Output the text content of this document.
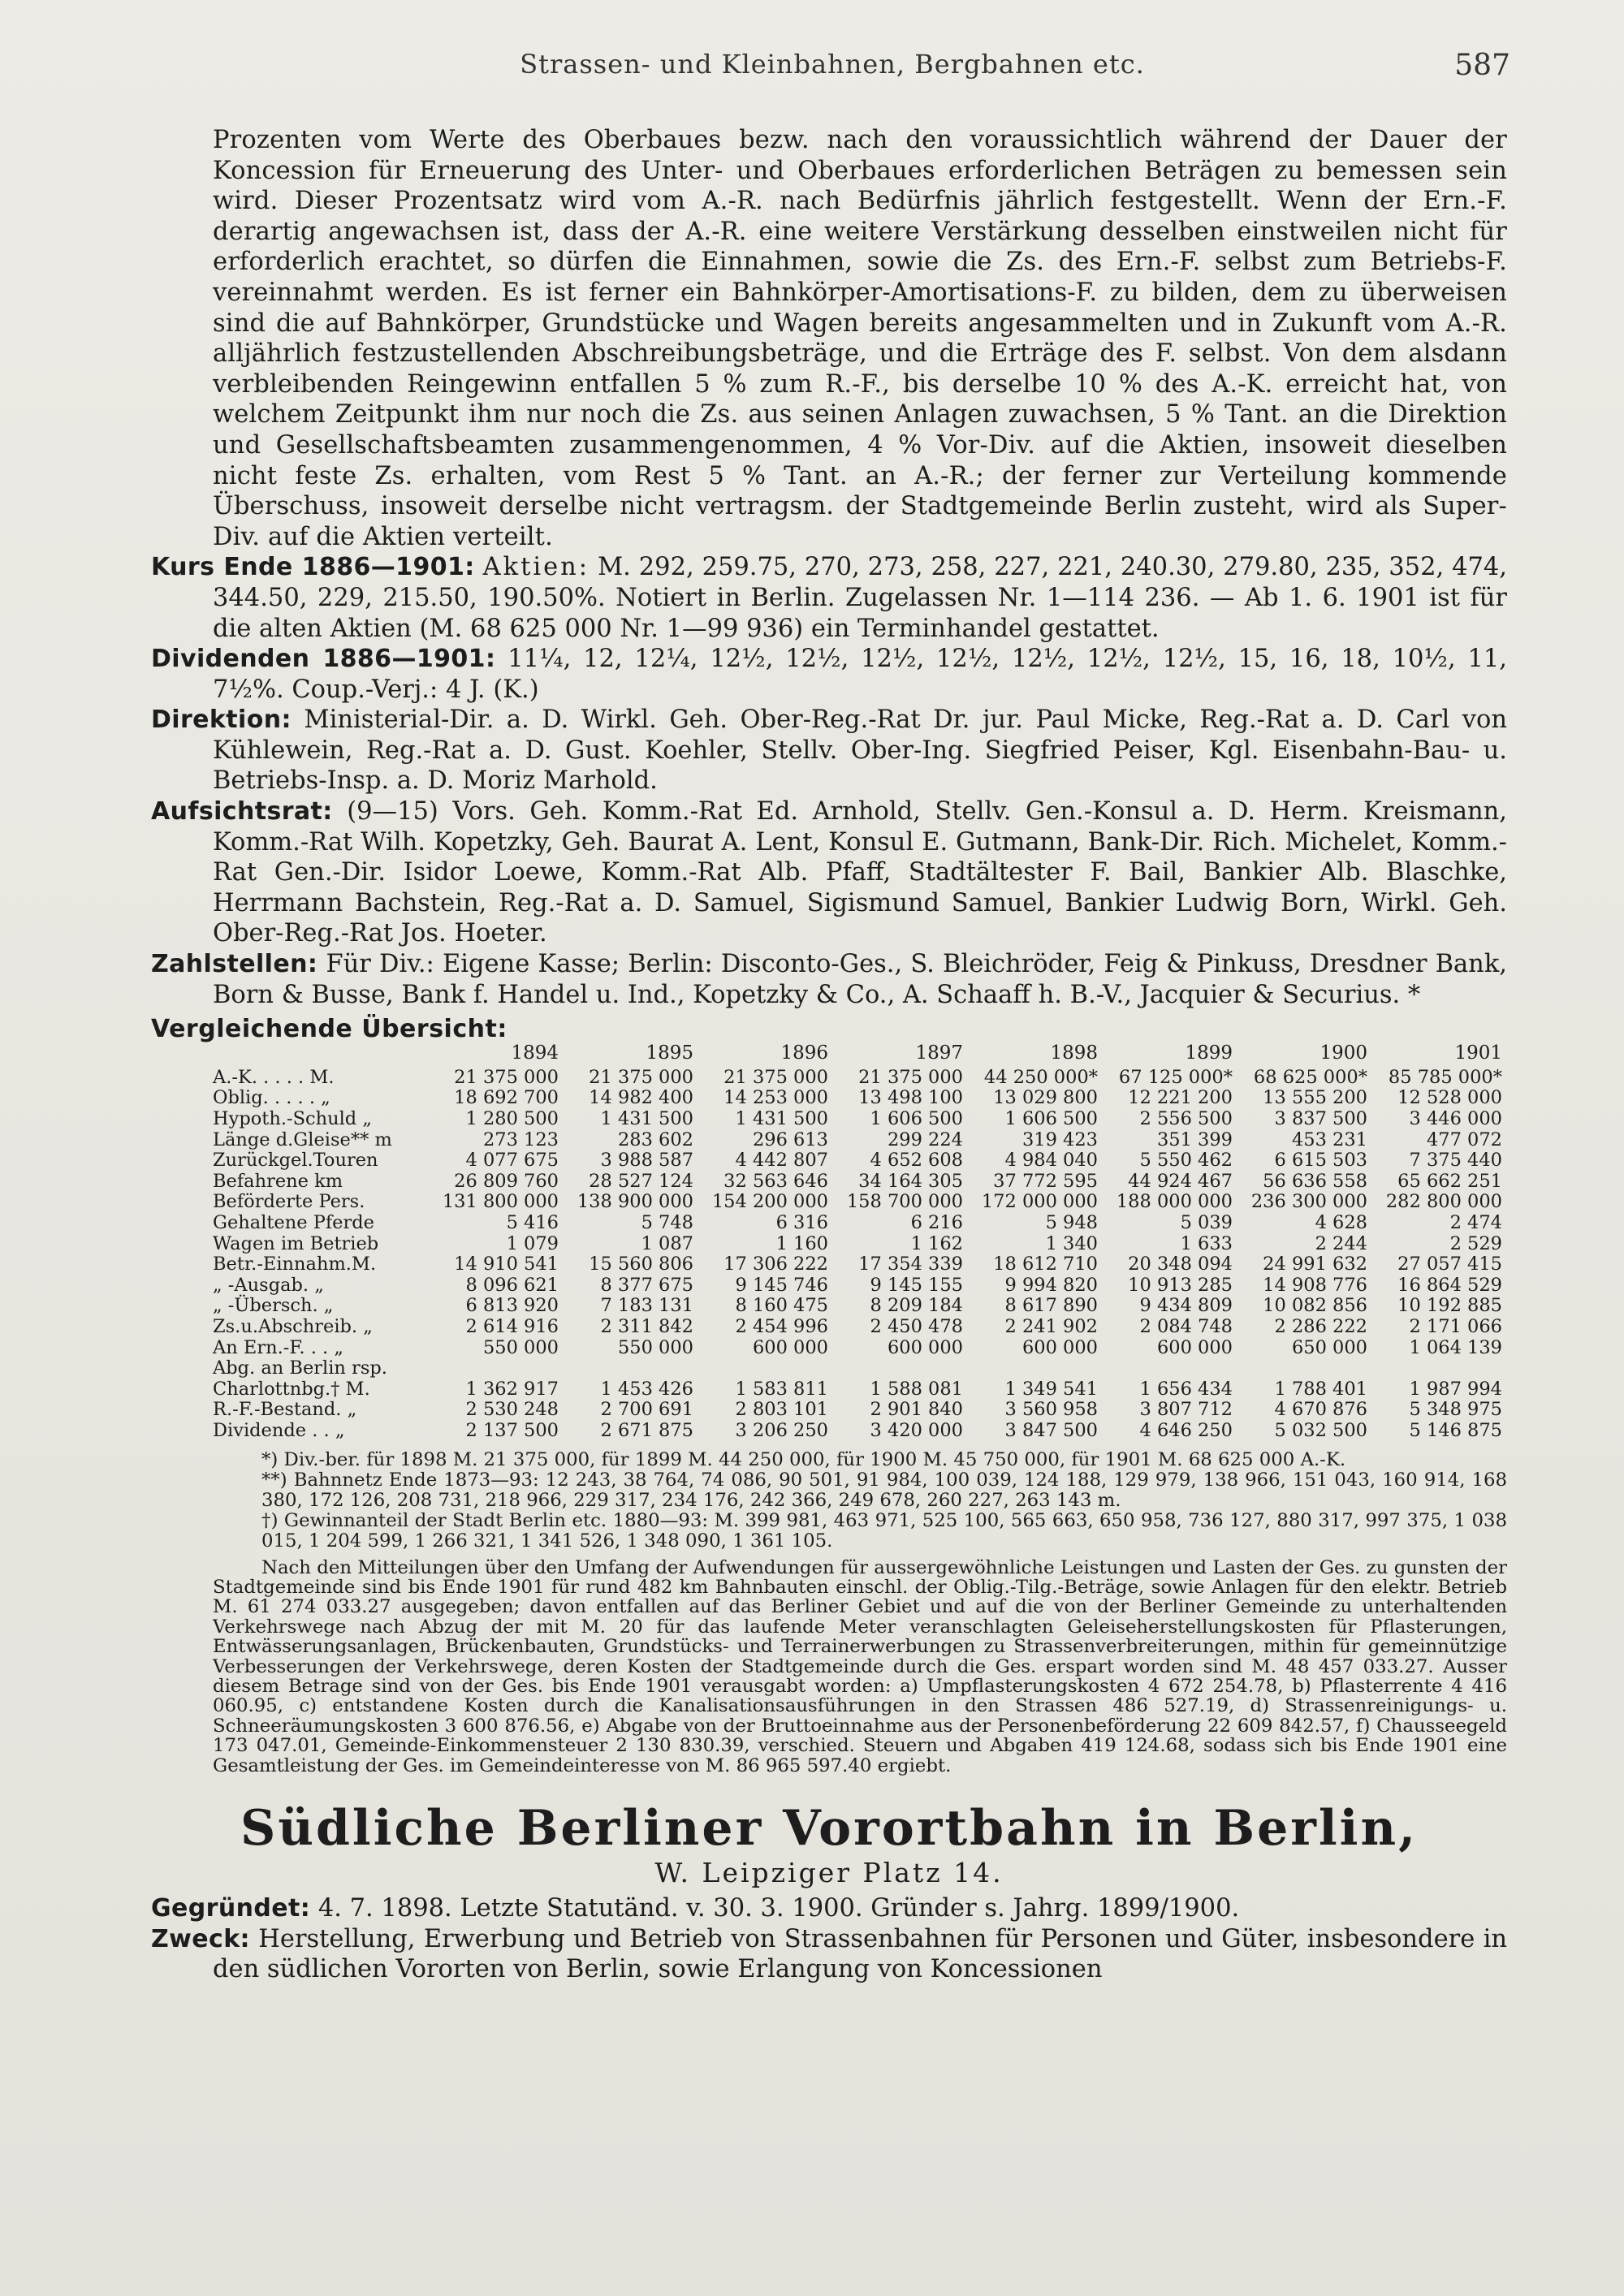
Strassen- und Kleinbahnen, Bergbahnen etc.	587

Prozenten vom Werte des Oberbaues bezw. nach den voraussichtlich während der Dauer der Koncession für Erneuerung des Unter- und Oberbaues erforderlichen Beträgen zu bemessen sein wird. Dieser Prozentsatz wird vom A.-R. nach Bedürfnis jährlich festgestellt. Wenn der Ern.-F. derartig angewachsen ist, dass der A.-R. eine weitere Verstärkung desselben einstweilen nicht für erforderlich erachtet, so dürfen die Einnahmen, sowie die Zs. des Ern.-F. selbst zum Betriebs-F. vereinnahmt werden. Es ist ferner ein Bahnkörper-Amortisations-F. zu bilden, dem zu überweisen sind die auf Bahnkörper, Grundstücke und Wagen bereits angesammelten und in Zukunft vom A.-R. alljährlich festzustellenden Abschreibungsbeträge, und die Erträge des F. selbst. Von dem alsdann verbleibenden Reingewinn entfallen 5 % zum R.-F., bis derselbe 10 % des A.-K. erreicht hat, von welchem Zeitpunkt ihm nur noch die Zs. aus seinen Anlagen zuwachsen, 5 % Tant. an die Direktion und Gesellschaftsbeamten zusammengenommen, 4 % Vor-Div. auf die Aktien, insoweit dieselben nicht feste Zs. erhalten, vom Rest 5 % Tant. an A.-R.; der ferner zur Verteilung kommende Überschuss, insoweit derselbe nicht vertragsm. der Stadtgemeinde Berlin zusteht, wird als Super-Div. auf die Aktien verteilt.

Kurs Ende 1886—1901: Aktien: M. 292, 259.75, 270, 273, 258, 227, 221, 240.30, 279.80, 235, 352, 474, 344.50, 229, 215.50, 190.50%. Notiert in Berlin. Zugelassen Nr. 1—114 236. — Ab 1. 6. 1901 ist für die alten Aktien (M. 68 625 000 Nr. 1—99 936) ein Terminhandel gestattet.

Dividenden 1886—1901: 11¼, 12, 12¼, 12½, 12½, 12½, 12½, 12½, 12½, 12½, 15, 16, 18, 10½, 11, 7½%. Coup.-Verj.: 4 J. (K.)

Direktion: Ministerial-Dir. a. D. Wirkl. Geh. Ober-Reg.-Rat Dr. jur. Paul Micke, Reg.-Rat a. D. Carl von Kühlewein, Reg.-Rat a. D. Gust. Koehler, Stellv. Ober-Ing. Siegfried Peiser, Kgl. Eisenbahn-Bau- u. Betriebs-Insp. a. D. Moriz Marhold.

Aufsichtsrat: (9—15) Vors. Geh. Komm.-Rat Ed. Arnhold, Stellv. Gen.-Konsul a. D. Herm. Kreismann, Komm.-Rat Wilh. Kopetzky, Geh. Baurat A. Lent, Konsul E. Gutmann, Bank-Dir. Rich. Michelet, Komm.-Rat Gen.-Dir. Isidor Loewe, Komm.-Rat Alb. Pfaff, Stadtältester F. Bail, Bankier Alb. Blaschke, Herrmann Bachstein, Reg.-Rat a. D. Samuel, Sigismund Samuel, Bankier Ludwig Born, Wirkl. Geh. Ober-Reg.-Rat Jos. Hoeter.

Zahlstellen: Für Div.: Eigene Kasse; Berlin: Disconto-Ges., S. Bleichröder, Feig & Pinkuss, Dresdner Bank, Born & Busse, Bank f. Handel u. Ind., Kopetzky & Co., A. Schaaff h. B.-V., Jacquier & Securius. *

Vergleichende Übersicht:
	1894	1895	1896	1897	1898	1899	1900	1901
A.-K. . . . . M.	21 375 000	21 375 000	21 375 000	21 375 000	44 250 000*	67 125 000*	68 625 000*	85 785 000*
Oblig. . . . . „	18 692 700	14 982 400	14 253 000	13 498 100	13 029 800	12 221 200	13 555 200	12 528 000
Hypoth.-Schuld „	1 280 500	1 431 500	1 431 500	1 606 500	1 606 500	2 556 500	3 837 500	3 446 000
Länge d.Gleise** m	273 123	283 602	296 613	299 224	319 423	351 399	453 231	477 072
Zurückgel.Touren	4 077 675	3 988 587	4 442 807	4 652 608	4 984 040	5 550 462	6 615 503	7 375 440
Befahrene km	26 809 760	28 527 124	32 563 646	34 164 305	37 772 595	44 924 467	56 636 558	65 662 251
Beförderte Pers.	131 800 000	138 900 000	154 200 000	158 700 000	172 000 000	188 000 000	236 300 000	282 800 000
Gehaltene Pferde	5 416	5 748	6 316	6 216	5 948	5 039	4 628	2 474
Wagen im Betrieb	1 079	1 087	1 160	1 162	1 340	1 633	2 244	2 529
Betr.-Einnahm.M.	14 910 541	15 560 806	17 306 222	17 354 339	18 612 710	20 348 094	24 991 632	27 057 415
„ -Ausgab. „	8 096 621	8 377 675	9 145 746	9 145 155	9 994 820	10 913 285	14 908 776	16 864 529
„ -Übersch. „	6 813 920	7 183 131	8 160 475	8 209 184	8 617 890	9 434 809	10 082 856	10 192 885
Zs.u.Abschreib. „	2 614 916	2 311 842	2 454 996	2 450 478	2 241 902	2 084 748	2 286 222	2 171 066
An Ern.-F. . . „	550 000	550 000	600 000	600 000	600 000	600 000	650 000	1 064 139
Abg. an Berlin rsp.								
Charlottnbg.† M.	1 362 917	1 453 426	1 583 811	1 588 081	1 349 541	1 656 434	1 788 401	1 987 994
R.-F.-Bestand. „	2 530 248	2 700 691	2 803 101	2 901 840	3 560 958	3 807 712	4 670 876	5 348 975
Dividende . . „	2 137 500	2 671 875	3 206 250	3 420 000	3 847 500	4 646 250	5 032 500	5 146 875

*) Div.-ber. für 1898 M. 21 375 000, für 1899 M. 44 250 000, für 1900 M. 45 750 000, für 1901 M. 68 625 000 A.-K.

**) Bahnnetz Ende 1873—93: 12 243, 38 764, 74 086, 90 501, 91 984, 100 039, 124 188, 129 979, 138 966, 151 043, 160 914, 168 380, 172 126, 208 731, 218 966, 229 317, 234 176, 242 366, 249 678, 260 227, 263 143 m.

†) Gewinnanteil der Stadt Berlin etc. 1880—93: M. 399 981, 463 971, 525 100, 565 663, 650 958, 736 127, 880 317, 997 375, 1 038 015, 1 204 599, 1 266 321, 1 341 526, 1 348 090, 1 361 105.

Nach den Mitteilungen über den Umfang der Aufwendungen für aussergewöhnliche Leistungen und Lasten der Ges. zu gunsten der Stadtgemeinde sind bis Ende 1901 für rund 482 km Bahnbauten einschl. der Oblig.-Tilg.-Beträge, sowie Anlagen für den elektr. Betrieb M. 61 274 033.27 ausgegeben; davon entfallen auf das Berliner Gebiet und auf die von der Berliner Gemeinde zu unterhaltenden Verkehrswege nach Abzug der mit M. 20 für das laufende Meter veranschlagten Geleiseherstellungskosten für Pflasterungen, Entwässerungsanlagen, Brückenbauten, Grundstücks- und Terrainerwerbungen zu Strassenverbreiterungen, mithin für gemeinnützige Verbesserungen der Verkehrswege, deren Kosten der Stadtgemeinde durch die Ges. erspart worden sind M. 48 457 033.27. Ausser diesem Betrage sind von der Ges. bis Ende 1901 verausgabt worden: a) Umpflasterungskosten 4 672 254.78, b) Pflasterrente 4 416 060.95, c) entstandene Kosten durch die Kanalisationsausführungen in den Strassen 486 527.19, d) Strassenreinigungs- u. Schneeräumungskosten 3 600 876.56, e) Abgabe von der Bruttoeinnahme aus der Personenbeförderung 22 609 842.57, f) Chausseegeld 173 047.01, Gemeinde-Einkommensteuer 2 130 830.39, verschied. Steuern und Abgaben 419 124.68, sodass sich bis Ende 1901 eine Gesamtleistung der Ges. im Gemeindeinteresse von M. 86 965 597.40 ergiebt.

Südliche Berliner Vorortbahn in Berlin,
W. Leipziger Platz 14.

Gegründet: 4. 7. 1898. Letzte Statutänd. v. 30. 3. 1900. Gründer s. Jahrg. 1899/1900.

Zweck: Herstellung, Erwerbung und Betrieb von Strassenbahnen für Personen und Güter, insbesondere in den südlichen Vororten von Berlin, sowie Erlangung von Koncessionen
